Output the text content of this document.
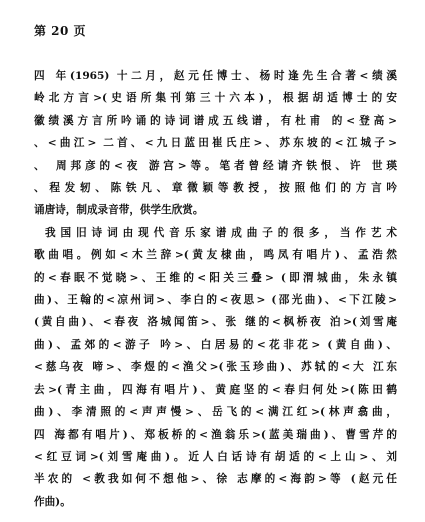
第 20 页
四 年(1965) 十二月，赵元任博士、杨时逢先生合著<绩溪
岭北方言>(史语所集刊第三十六本)，根据胡适博士的安
徽绩溪方言所吟诵的诗词谱成五线谱，有杜甫 的<登高>
、<曲江> 二首、<九日蓝田崔氏庄>、苏东坡的<江城子>
、 周邦彦的<夜 游宫>等。笔者曾经请齐铁恨、许 世瑛
、程发轫、陈铁凡、章微颖等教授，按照他们的方言吟
诵唐诗，制成录音带，供学生欣赏。
我国旧诗词由现代音乐家谱成曲子的很多，当作艺术
歌曲唱。例如<木兰辞>(黄友棣曲，鸣凤有唱片)、孟浩然
的<春眠不觉晓>、王维的<阳关三叠> (即渭城曲，朱永镇
曲)、王翰的<凉州词>、李白的<夜思> (邵光曲)、<下江陵>
(黄自曲)、<春夜 洛城闻笛>、张 继的<枫桥夜 泊>(刘雪庵
曲)、孟郊的<游子 吟>、白居易的<花非花> (黄自曲)、
<慈乌夜 啼>、李煜的<渔父>(张玉珍曲)、苏轼的<大 江东
去>(青主曲，四海有唱片)、黄庭坚的<春归何处>(陈田鹤
曲)、李清照的<声声慢>、岳飞的<满江红>(林声翕曲，
四 海都有唱片)、郑板桥的<渔翁乐>(蓝美瑞曲)、曹雪芹的
<红豆词>(刘雪庵曲)。近人白话诗有胡适的<上山>、刘
半农的 <教我如何不想他>、徐 志摩的<海韵>等 (赵元任
作曲)。
